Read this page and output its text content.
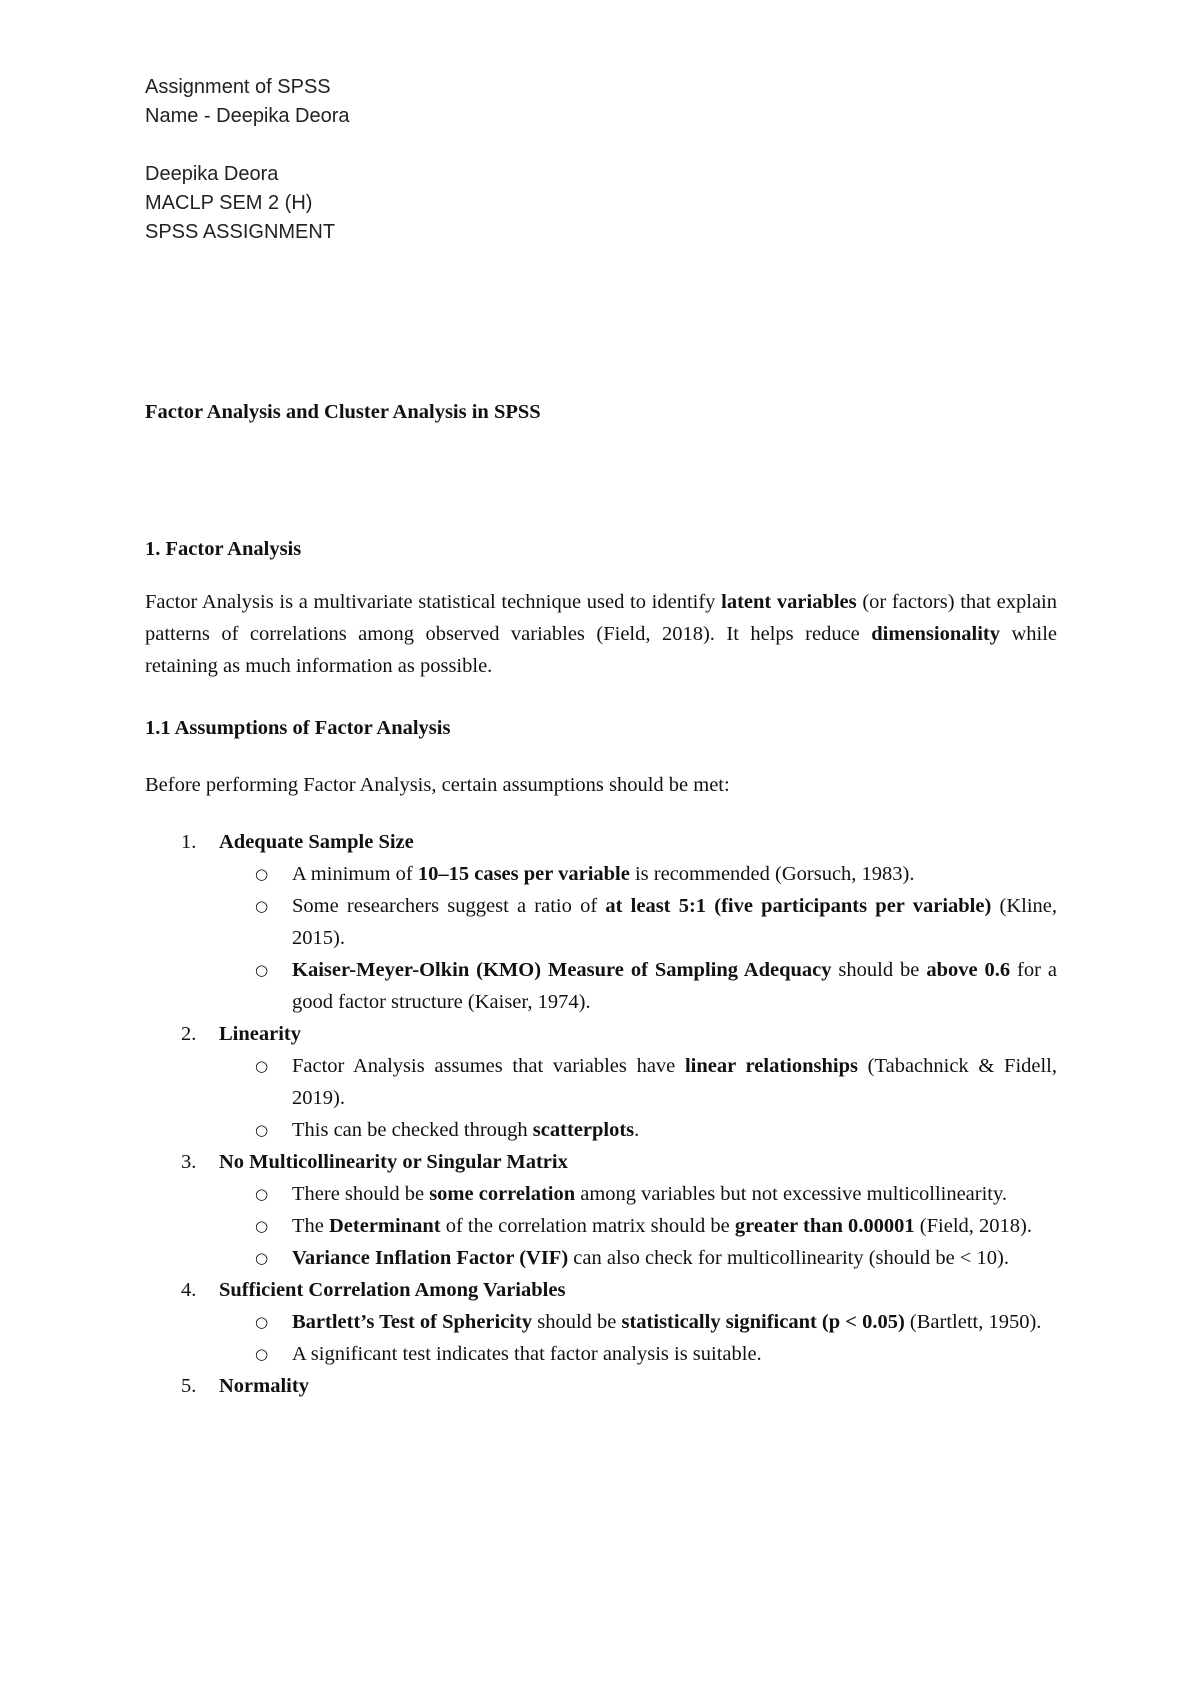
Assignment of SPSS
Name - Deepika Deora
Deepika Deora
MACLP SEM 2 (H)
SPSS ASSIGNMENT
Factor Analysis and Cluster Analysis in SPSS
1. Factor Analysis
Factor Analysis is a multivariate statistical technique used to identify latent variables (or factors) that explain patterns of correlations among observed variables (Field, 2018). It helps reduce dimensionality while retaining as much information as possible.
1.1 Assumptions of Factor Analysis
Before performing Factor Analysis, certain assumptions should be met:
1. Adequate Sample Size
○ A minimum of 10–15 cases per variable is recommended (Gorsuch, 1983).
○ Some researchers suggest a ratio of at least 5:1 (five participants per variable) (Kline, 2015).
○ Kaiser-Meyer-Olkin (KMO) Measure of Sampling Adequacy should be above 0.6 for a good factor structure (Kaiser, 1974).
2. Linearity
○ Factor Analysis assumes that variables have linear relationships (Tabachnick & Fidell, 2019).
○ This can be checked through scatterplots.
3. No Multicollinearity or Singular Matrix
○ There should be some correlation among variables but not excessive multicollinearity.
○ The Determinant of the correlation matrix should be greater than 0.00001 (Field, 2018).
○ Variance Inflation Factor (VIF) can also check for multicollinearity (should be < 10).
4. Sufficient Correlation Among Variables
○ Bartlett’s Test of Sphericity should be statistically significant (p < 0.05) (Bartlett, 1950).
○ A significant test indicates that factor analysis is suitable.
5. Normality
